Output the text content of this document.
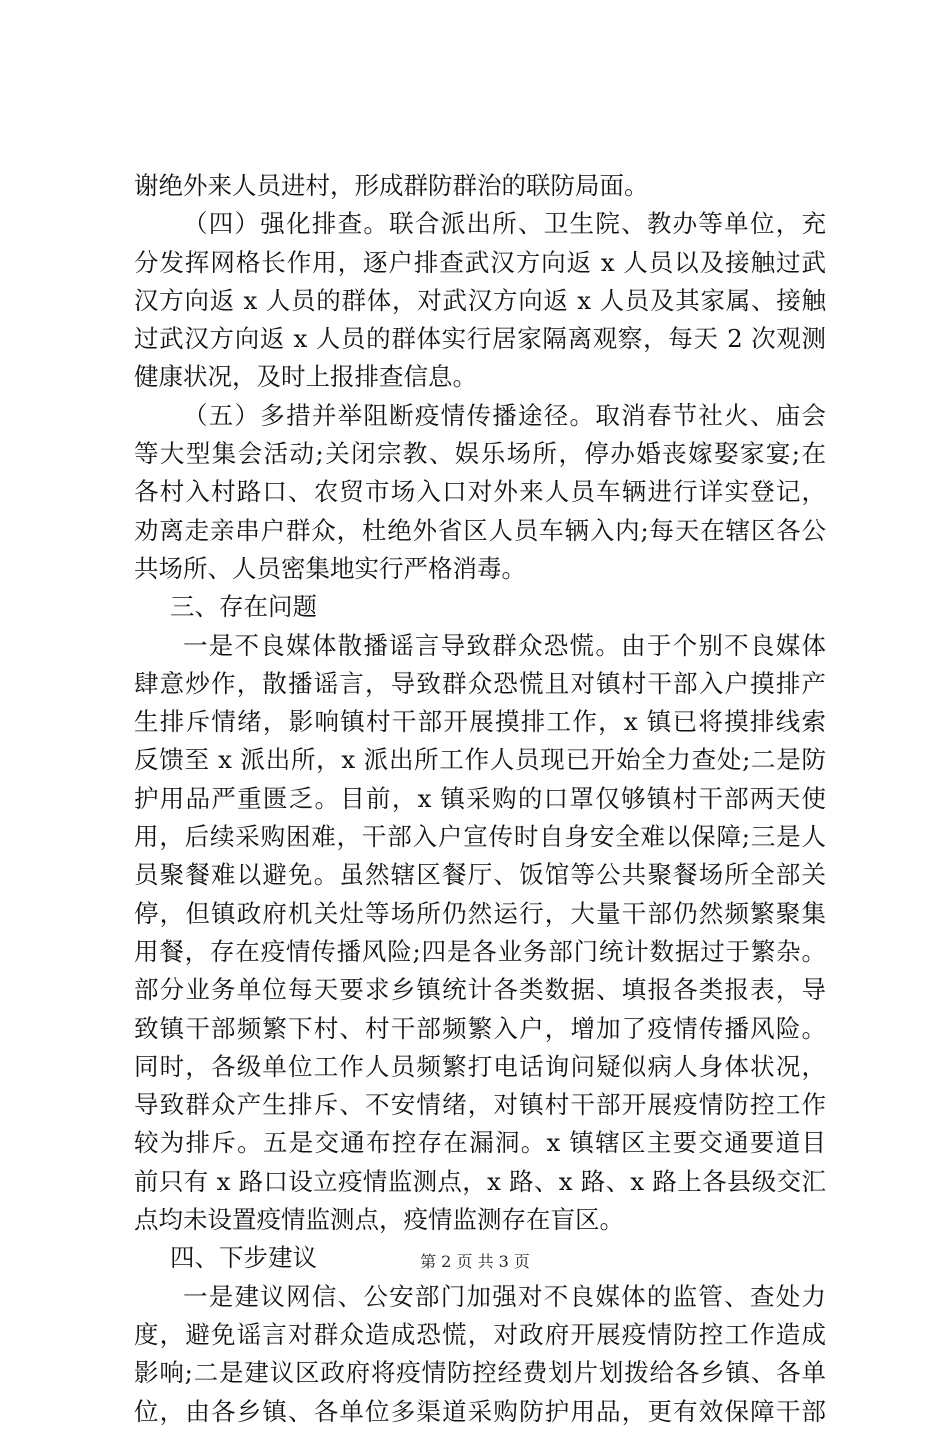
谢绝外来人员进村，形成群防群治的联防局面。
（四）强化排查。联合派出所、卫生院、教办等单位，充
分发挥网格长作用，逐户排查武汉方向返 x 人员以及接触过武
汉方向返 x 人员的群体，对武汉方向返 x 人员及其家属、接触
过武汉方向返 x 人员的群体实行居家隔离观察，每天 2 次观测
健康状况，及时上报排查信息。
（五）多措并举阻断疫情传播途径。取消春节社火、庙会
等大型集会活动;关闭宗教、娱乐场所，停办婚丧嫁娶家宴;在
各村入村路口、农贸市场入口对外来人员车辆进行详实登记，
劝离走亲串户群众，杜绝外省区人员车辆入内;每天在辖区各公
共场所、人员密集地实行严格消毒。
三、存在问题
一是不良媒体散播谣言导致群众恐慌。由于个别不良媒体
肆意炒作，散播谣言，导致群众恐慌且对镇村干部入户摸排产
生排斥情绪，影响镇村干部开展摸排工作，x 镇已将摸排线索
反馈至 x 派出所，x 派出所工作人员现已开始全力查处;二是防
护用品严重匮乏。目前，x 镇采购的口罩仅够镇村干部两天使
用，后续采购困难，干部入户宣传时自身安全难以保障;三是人
员聚餐难以避免。虽然辖区餐厅、饭馆等公共聚餐场所全部关
停，但镇政府机关灶等场所仍然运行，大量干部仍然频繁聚集
用餐，存在疫情传播风险;四是各业务部门统计数据过于繁杂。
部分业务单位每天要求乡镇统计各类数据、填报各类报表，导
致镇干部频繁下村、村干部频繁入户，增加了疫情传播风险。
同时，各级单位工作人员频繁打电话询问疑似病人身体状况，
导致群众产生排斥、不安情绪，对镇村干部开展疫情防控工作
较为排斥。五是交通布控存在漏洞。x 镇辖区主要交通要道目
前只有 x 路口设立疫情监测点，x 路、x 路、x 路上各县级交汇
点均未设置疫情监测点，疫情监测存在盲区。
四、下步建议
一是建议网信、公安部门加强对不良媒体的监管、查处力
度，避免谣言对群众造成恐慌，对政府开展疫情防控工作造成
影响;二是建议区政府将疫情防控经费划片划拨给各乡镇、各单
位，由各乡镇、各单位多渠道采购防护用品，更有效保障干部
第 2 页 共 3 页
